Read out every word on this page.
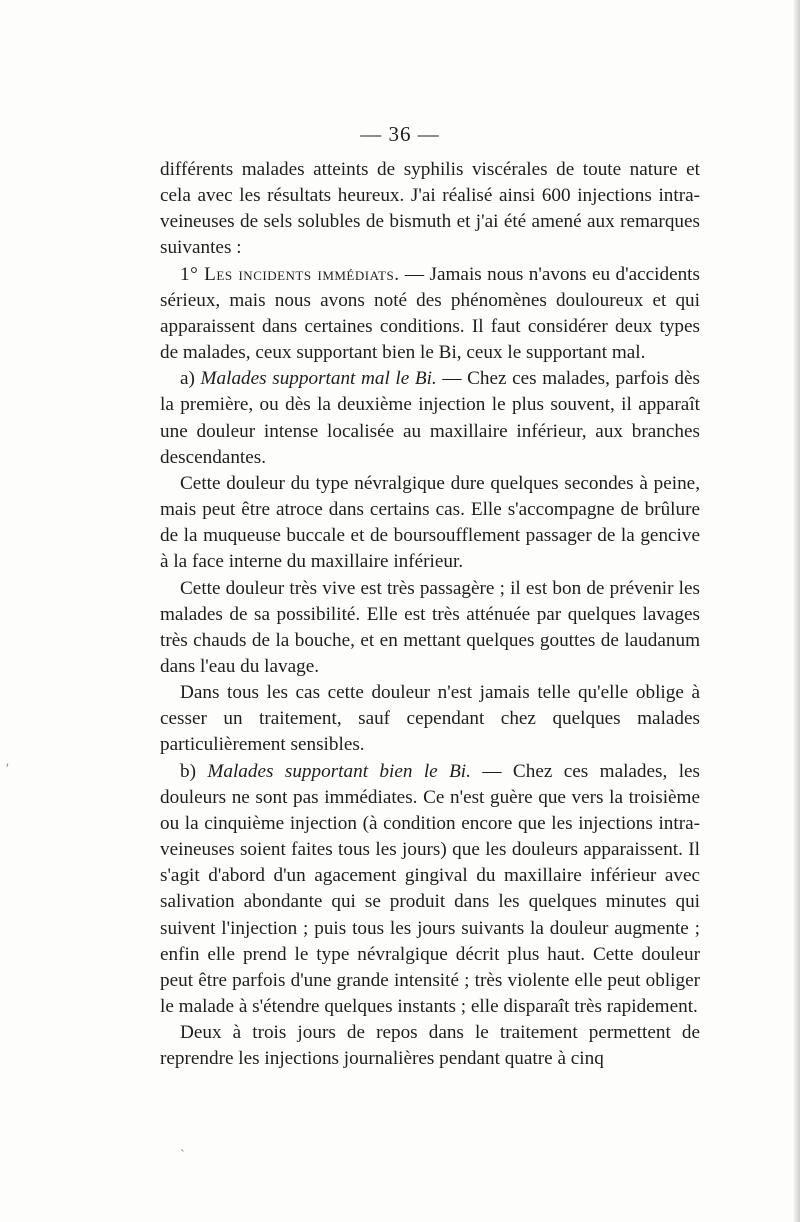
— 36 —

différents malades atteints de syphilis viscérales de toute nature et cela avec les résultats heureux. J'ai réalisé ainsi 600 injections intra-veineuses de sels solubles de bismuth et j'ai été amené aux remarques suivantes :

1° Les incidents immédiats. — Jamais nous n'avons eu d'accidents sérieux, mais nous avons noté des phénomènes douloureux et qui apparaissent dans certaines conditions. Il faut considérer deux types de malades, ceux supportant bien le Bi, ceux le supportant mal.

a) Malades supportant mal le Bi. — Chez ces malades, parfois dès la première, ou dès la deuxième injection le plus souvent, il apparaît une douleur intense localisée au maxillaire inférieur, aux branches descendantes.

Cette douleur du type névralgique dure quelques secondes à peine, mais peut être atroce dans certains cas. Elle s'accompagne de brûlure de la muqueuse buccale et de boursoufflement passager de la gencive à la face interne du maxillaire inférieur.

Cette douleur très vive est très passagère ; il est bon de prévenir les malades de sa possibilité. Elle est très atténuée par quelques lavages très chauds de la bouche, et en mettant quelques gouttes de laudanum dans l'eau du lavage.

Dans tous les cas cette douleur n'est jamais telle qu'elle oblige à cesser un traitement, sauf cependant chez quelques malades particulièrement sensibles.

b) Malades supportant bien le Bi. — Chez ces malades, les douleurs ne sont pas immédiates. Ce n'est guère que vers la troisième ou la cinquième injection (à condition encore que les injections intra-veineuses soient faites tous les jours) que les douleurs apparaissent. Il s'agit d'abord d'un agacement gingival du maxillaire inférieur avec salivation abondante qui se produit dans les quelques minutes qui suivent l'injection ; puis tous les jours suivants la douleur augmente ; enfin elle prend le type névralgique décrit plus haut. Cette douleur peut être parfois d'une grande intensité ; très violente elle peut obliger le malade à s'étendre quelques instants ; elle disparaît très rapidement.

Deux à trois jours de repos dans le traitement permettent de reprendre les injections journalières pendant quatre à cinq

ʹ
ˋ
